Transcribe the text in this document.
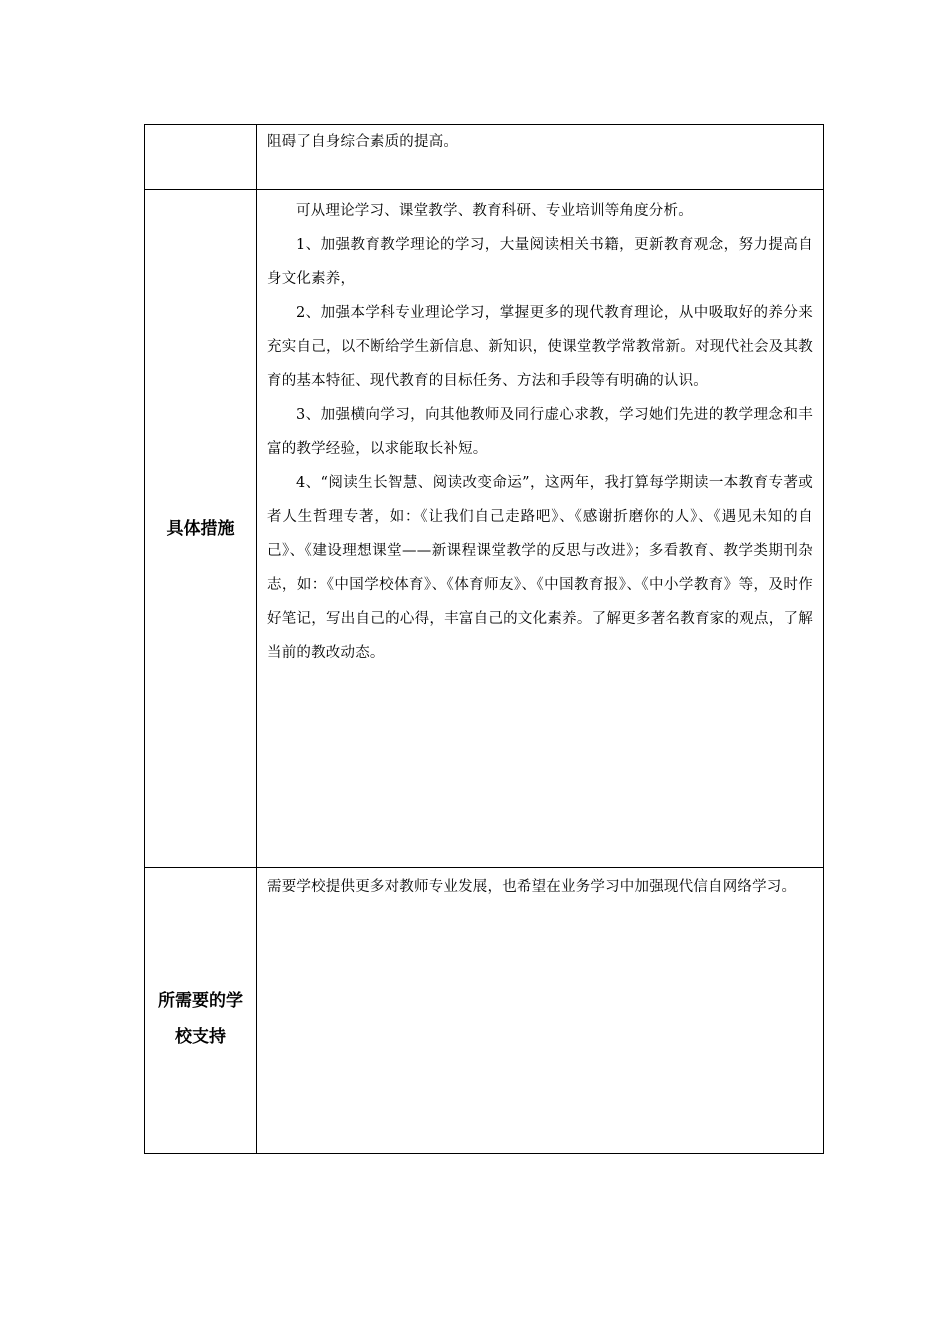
	阻碍了自身综合素质的提高。

具体措施	可从理论学习、课堂教学、教育科研、专业培训等角度分析。

1、加强教育教学理论的学习，大量阅读相关书籍，更新教育观念，努力提高自身文化素养，

2、加强本学科专业理论学习，掌握更多的现代教育理论，从中吸取好的养分来充实自己，以不断给学生新信息、新知识，使课堂教学常教常新。对现代社会及其教育的基本特征、现代教育的目标任务、方法和手段等有明确的认识。

3、加强横向学习，向其他教师及同行虚心求教，学习她们先进的教学理念和丰富的教学经验，以求能取长补短。

4、“阅读生长智慧、阅读改变命运”，这两年，我打算每学期读一本教育专著或者人生哲理专著，如：《让我们自己走路吧》、《感谢折磨你的人》、《遇见未知的自己》、《建设理想课堂——新课程课堂教学的反思与改进》；多看教育、教学类期刊杂志，如：《中国学校体育》、《体育师友》、《中国教育报》、《中小学教育》等，及时作好笔记，写出自己的心得，丰富自己的文化素养。了解更多著名教育家的观点，了解当前的教改动态。

所需要的学
校支持	需要学校提供更多对教师专业发展，也希望在业务学习中加强现代信自网络学习。
